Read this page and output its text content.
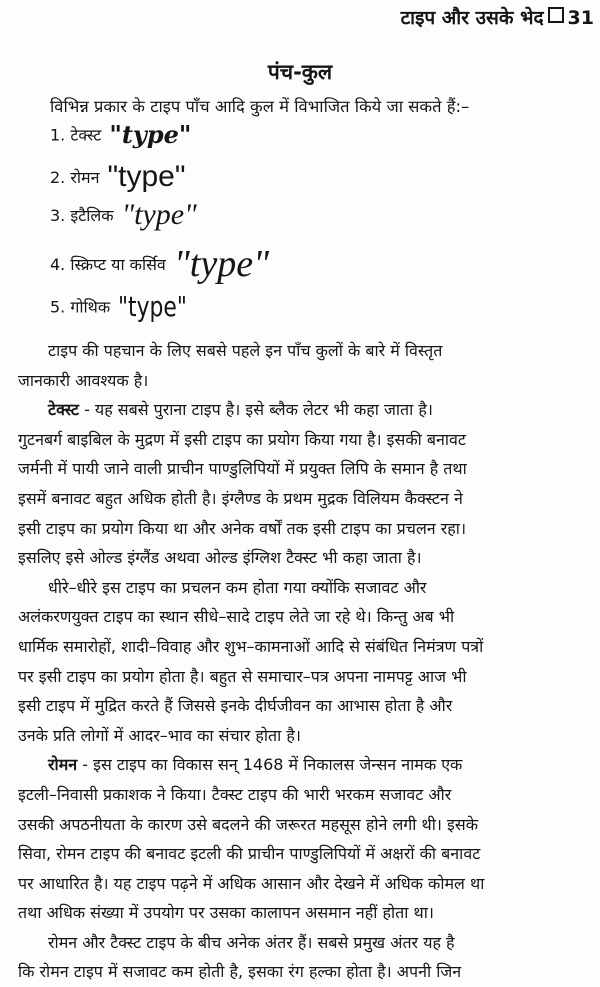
टाइप और उसके भेद 31
पंच-कुल
विभिन्न प्रकार के टाइप पाँच आदि कुल में विभाजित किये जा सकते हैं:–
1. टेक्स्ट "type"
2. रोमन "type"
3. इटैलिक "type"
4. स्क्रिप्ट या कर्सिव "type"
5. गोथिक "type"

टाइप की पहचान के लिए सबसे पहले इन पाँच कुलों के बारे में विस्तृत
जानकारी आवश्यक है।

टेक्स्ट - यह सबसे पुराना टाइप है। इसे ब्लैक लेटर भी कहा जाता है।
गुटनबर्ग बाइबिल के मुद्रण में इसी टाइप का प्रयोग किया गया है। इसकी बनावट
जर्मनी में पायी जाने वाली प्राचीन पाण्डुलिपियों में प्रयुक्त लिपि के समान है तथा
इसमें बनावट बहुत अधिक होती है। इंग्लैण्ड के प्रथम मुद्रक विलियम कैक्स्टन ने
इसी टाइप का प्रयोग किया था और अनेक वर्षों तक इसी टाइप का प्रचलन रहा।
इसलिए इसे ओल्ड इंग्लैंड अथवा ओल्ड इंग्लिश टैक्स्ट भी कहा जाता है।

धीरे–धीरे इस टाइप का प्रचलन कम होता गया क्योंकि सजावट और
अलंकरणयुक्त टाइप का स्थान सीधे–सादे टाइप लेते जा रहे थे। किन्तु अब भी
धार्मिक समारोहों, शादी–विवाह और शुभ–कामनाओं आदि से संबंधित निमंत्रण पत्रों
पर इसी टाइप का प्रयोग होता है। बहुत से समाचार–पत्र अपना नामपट्ट आज भी
इसी टाइप में मुद्रित करते हैं जिससे इनके दीर्घजीवन का आभास होता है और
उनके प्रति लोगों में आदर–भाव का संचार होता है।

रोमन - इस टाइप का विकास सन् 1468 में निकालस जेन्सन नामक एक
इटली–निवासी प्रकाशक ने किया। टैक्स्ट टाइप की भारी भरकम सजावट और
उसकी अपठनीयता के कारण उसे बदलने की जरूरत महसूस होने लगी थी। इसके
सिवा, रोमन टाइप की बनावट इटली की प्राचीन पाण्डुलिपियों में अक्षरों की बनावट
पर आधारित है। यह टाइप पढ़ने में अधिक आसान और देखने में अधिक कोमल था
तथा अधिक संख्या में उपयोग पर उसका कालापन असमान नहीं होता था।

रोमन और टैक्स्ट टाइप के बीच अनेक अंतर हैं। सबसे प्रमुख अंतर यह है
कि रोमन टाइप में सजावट कम होती है, इसका रंग हल्का होता है। अपनी जिन
